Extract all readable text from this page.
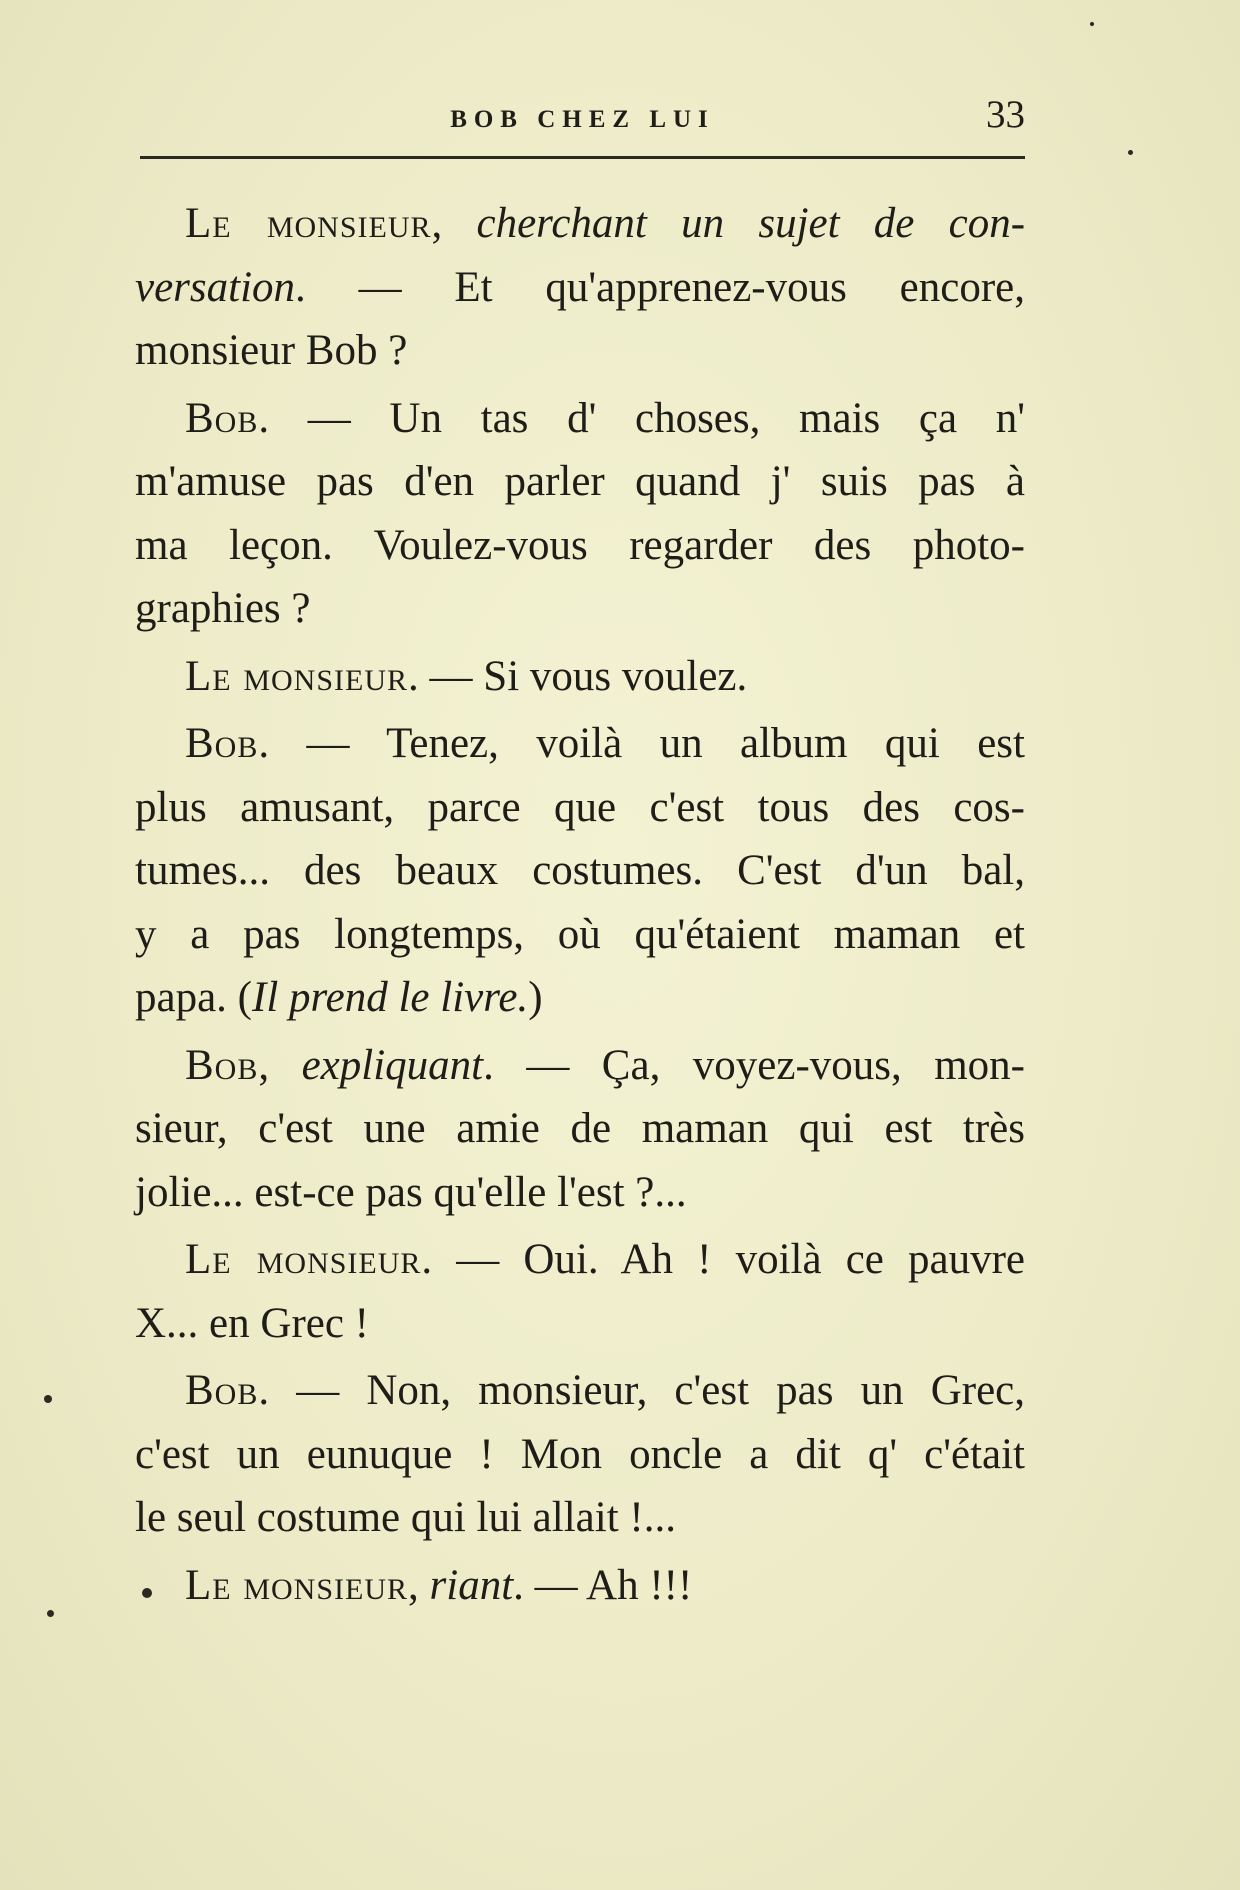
BOB CHEZ LUI	33
Le monsieur, cherchant un sujet de con-
versation. — Et qu'apprenez-vous encore,
monsieur Bob ?
Bob. — Un tas d' choses, mais ça n'
m'amuse pas d'en parler quand j' suis pas à
ma leçon. Voulez-vous regarder des photo-
graphies ?
Le monsieur. — Si vous voulez.
Bob. — Tenez, voilà un album qui est
plus amusant, parce que c'est tous des cos-
tumes... des beaux costumes. C'est d'un bal,
y a pas longtemps, où qu'étaient maman et
papa. (Il prend le livre.)
Bob, expliquant. — Ça, voyez-vous, mon-
sieur, c'est une amie de maman qui est très
jolie... est-ce pas qu'elle l'est ?...
Le monsieur. — Oui. Ah ! voilà ce pauvre
X... en Grec !
Bob. — Non, monsieur, c'est pas un Grec,
c'est un eunuque ! Mon oncle a dit q' c'était
le seul costume qui lui allait !...
Le monsieur, riant. — Ah !!!
